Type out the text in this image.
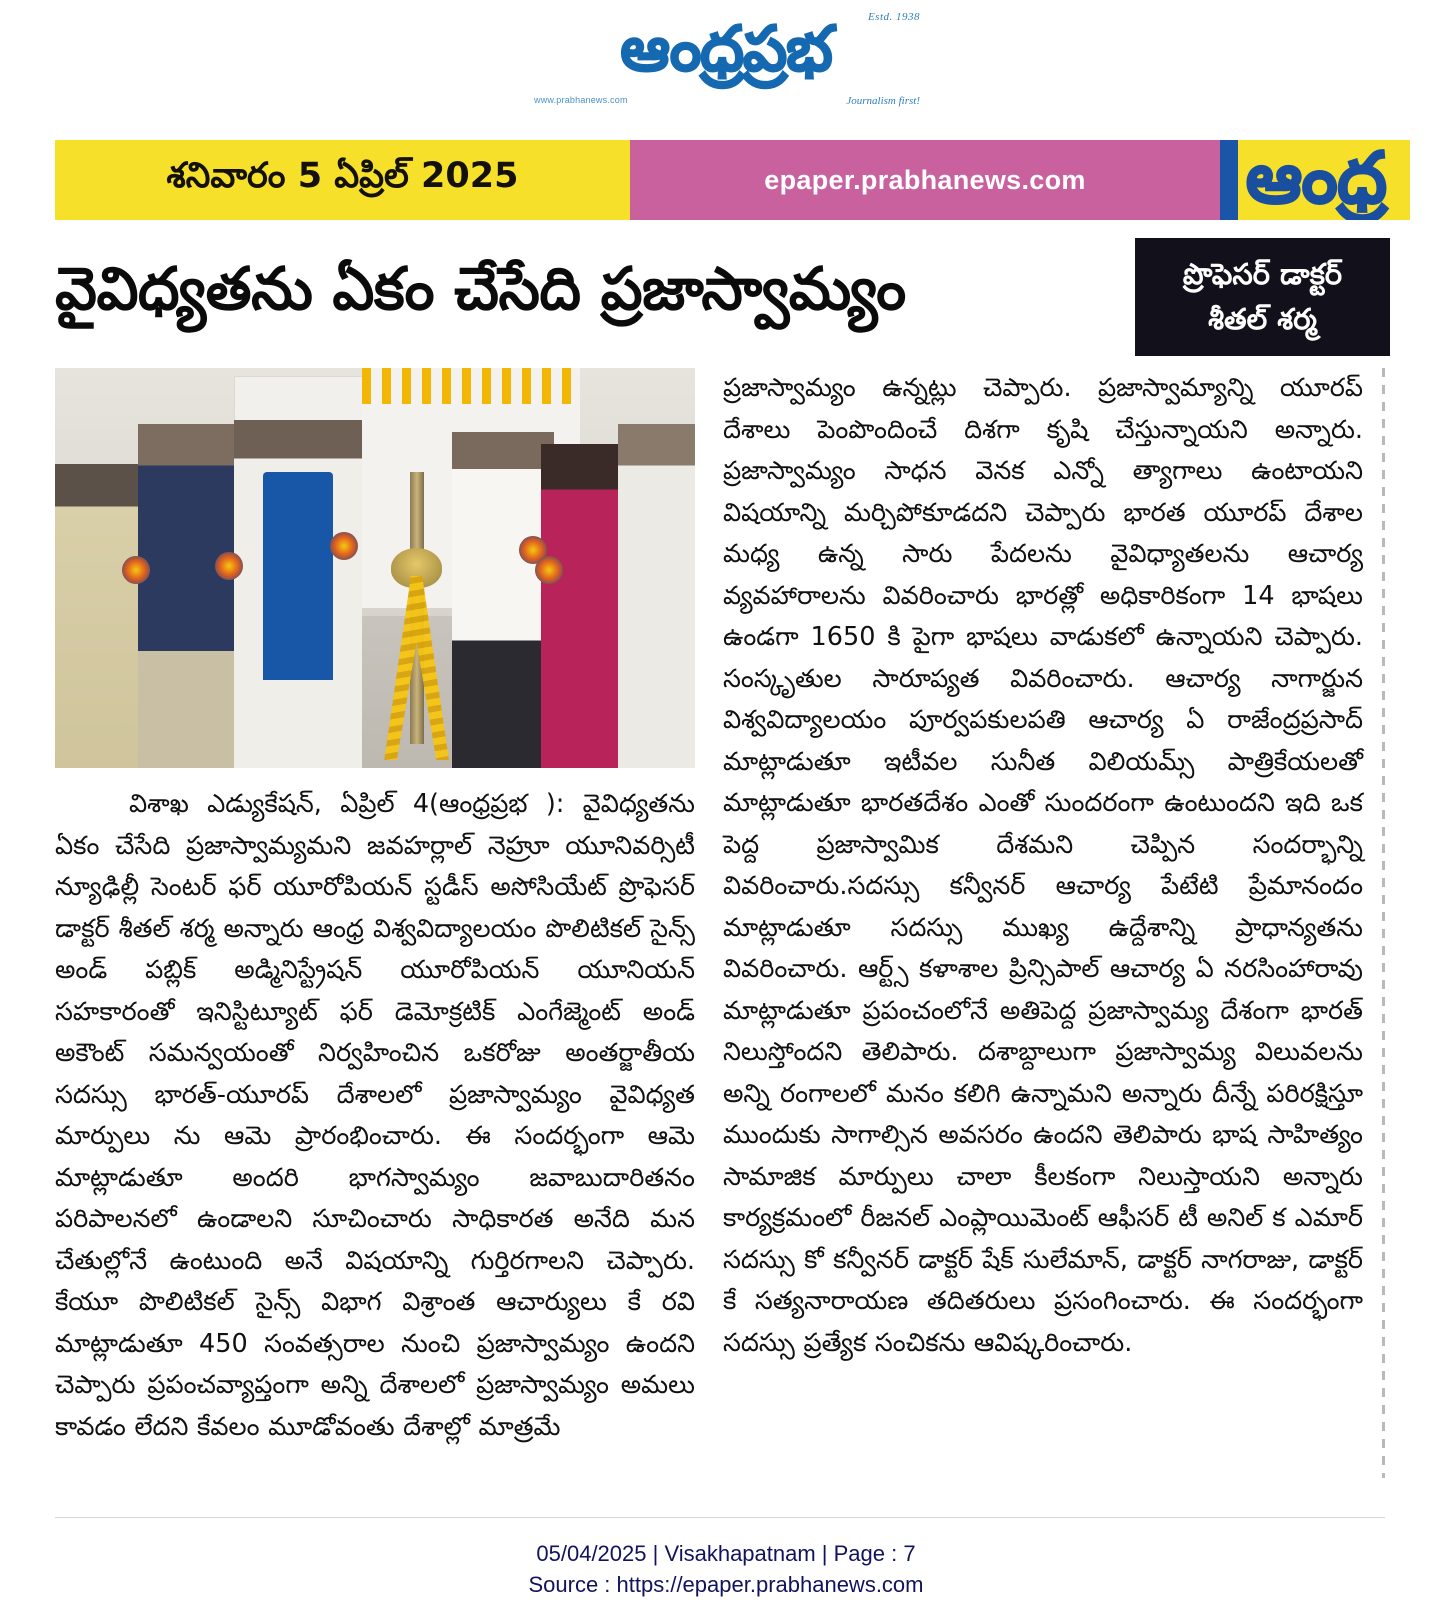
Estd. 1938
ఆంధ్రప్రభ
www.prabhanews.com	Journalism first!
శనివారం 5 ఏప్రిల్ 2025	epaper.prabhanews.com ఆంధ్ర
వైవిధ్యతను ఏకం చేసేది ప్రజాస్వామ్యం	ప్రొఫెసర్ డాక్టర్
శీతల్ శర్మ

విశాఖ ఎడ్యుకేషన్, ఏప్రిల్ 4(ఆంధ్రప్రభ ): వైవిధ్యతను ఏకం చేసేది ప్రజాస్వామ్యమని జవహర్లాల్ నెహ్రూ యూనివర్సిటీ న్యూఢిల్లీ సెంటర్ ఫర్ యూరోపియన్ స్టడీస్ అసోసియేట్ ప్రొఫెసర్ డాక్టర్ శీతల్ శర్మ అన్నారు ఆంధ్ర విశ్వవిద్యాలయం పొలిటికల్ సైన్స్ అండ్ పబ్లిక్ అడ్మినిస్ట్రేషన్ యూరోపియన్ యూనియన్ సహకారంతో ఇనిస్టిట్యూట్ ఫర్ డెమోక్రటిక్ ఎంగేజ్మెంట్ అండ్ అకౌంట్ సమన్వయంతో నిర్వహించిన ఒకరోజు అంతర్జాతీయ సదస్సు భారత్-యూరప్ దేశాలలో ప్రజాస్వామ్యం వైవిధ్యత మార్పులు ను ఆమె ప్రారంభించారు. ఈ సందర్భంగా ఆమె మాట్లాడుతూ అందరి భాగస్వామ్యం జవాబుదారితనం పరిపాలనలో ఉండాలని సూచించారు సాధికారత అనేది మన చేతుల్లోనే ఉంటుంది అనే విషయాన్ని గుర్తిరగాలని చెప్పారు. కేయూ పొలిటికల్ సైన్స్ విభాగ విశ్రాంత ఆచార్యులు కే రవి మాట్లాడుతూ 450 సంవత్సరాల నుంచి ప్రజాస్వామ్యం ఉందని చెప్పారు ప్రపంచవ్యాప్తంగా అన్ని దేశాలలో ప్రజాస్వామ్యం అమలు కావడం లేదని కేవలం మూడోవంతు దేశాల్లో మాత్రమే

ప్రజాస్వామ్యం ఉన్నట్లు చెప్పారు. ప్రజాస్వామ్యాన్ని యూరప్ దేశాలు పెంపొందించే దిశగా కృషి చేస్తున్నాయని అన్నారు. ప్రజాస్వామ్యం సాధన వెనక ఎన్నో త్యాగాలు ఉంటాయని విషయాన్ని మర్చిపోకూడదని చెప్పారు భారత యూరప్ దేశాల మధ్య ఉన్న సారు పేదలను వైవిధ్యాతలను ఆచార్య వ్యవహారాలను వివరించారు భారత్లో అధికారికంగా 14 భాషలు ఉండగా 1650 కి పైగా భాషలు వాడుకలో ఉన్నాయని చెప్పారు. సంస్కృతుల సారూప్యత వివరించారు. ఆచార్య నాగార్జున విశ్వవిద్యాలయం పూర్వపకులపతి ఆచార్య ఏ రాజేంద్రప్రసాద్ మాట్లాడుతూ ఇటీవల సునీత విలియమ్స్ పాత్రికేయలతో మాట్లాడుతూ భారతదేశం ఎంతో సుందరంగా ఉంటుందని ఇది ఒక పెద్ద ప్రజాస్వామిక దేశమని చెప్పిన సందర్భాన్ని వివరించారు.సదస్సు కన్వీనర్ ఆచార్య పేటేటి ప్రేమానందం మాట్లాడుతూ సదస్సు ముఖ్య ఉద్దేశాన్ని ప్రాధాన్యతను వివరించారు. ఆర్ట్స్ కళాశాల ప్రిన్సిపాల్ ఆచార్య ఏ నరసింహారావు మాట్లాడుతూ ప్రపంచంలోనే అతిపెద్ద ప్రజాస్వామ్య దేశంగా భారత్ నిలుస్తోందని తెలిపారు. దశాబ్దాలుగా ప్రజాస్వామ్య విలువలను అన్ని రంగాలలో మనం కలిగి ఉన్నామని అన్నారు దీన్నే పరిరక్షిస్తూ ముందుకు సాగాల్సిన అవసరం ఉందని తెలిపారు భాష సాహిత్యం సామాజిక మార్పులు చాలా కీలకంగా నిలుస్తాయని అన్నారు కార్యక్రమంలో రీజనల్ ఎంప్లాయిమెంట్ ఆఫీసర్ టీ అనిల్ క ఎమార్ సదస్సు కో కన్వీనర్ డాక్టర్ షేక్ సులేమాన్, డాక్టర్ నాగరాజు, డాక్టర్ కే సత్యనారాయణ తదితరులు ప్రసంగించారు. ఈ సందర్భంగా సదస్సు ప్రత్యేక సంచికను ఆవిష్కరించారు.

05/04/2025 | Visakhapatnam | Page : 7
Source : https://epaper.prabhanews.com
